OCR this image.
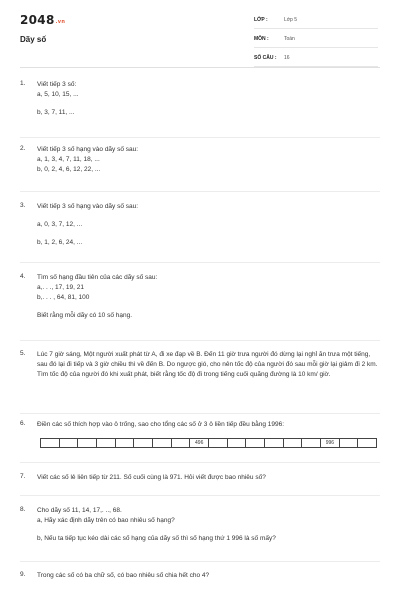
2048.vn
Dãy số
LỚP :	Lớp 5
MÔN :	Toán
SỐ CÂU : 16
1. Viết tiếp 3 số:

a, 5, 10, 15, ...

b, 3, 7, 11, ...

2. Viết tiếp 3 số hạng vào dãy số sau:

a, 1, 3, 4, 7, 11, 18, ...

b, 0, 2, 4, 6, 12, 22, ...

3. Viết tiếp 3 số hạng vào dãy số sau:

a, 0, 3, 7, 12, ...

b, 1, 2, 6, 24, ...

4. Tìm số hạng đầu tiên của các dãy số sau:

a,. . ., 17, 19, 21

b,. . . , 64, 81, 100

Biết rằng mỗi dãy có 10 số hạng.

5. Lúc 7 giờ sáng, Một người xuất phát từ A, đi xe đạp về B. Đến 11 giờ trưa người đó dừng lại nghỉ ăn trưa một tiếng, sau đó lại đi tiếp và 3 giờ chiều thì về đến B. Do ngược gió, cho nên tốc độ của người đó sau mỗi giờ lại giảm đi 2 km. Tìm tốc độ của người đó khi xuất phát, biết rằng tốc độ đi trong tiếng cuối quãng đường là 10 km/ giờ.

6. Điền các số thích hợp vào ô trống, sao cho tổng các số ở 3 ô liền tiếp đều bằng 1996:

496	996
7. Viết các số lẻ liên tiếp từ 211. Số cuối cùng là 971. Hỏi viết được bao nhiêu số?

8. Cho dãy số 11, 14, 17,. .., 68.

a, Hãy xác định dãy trên có bao nhiêu số hạng?

b, Nếu ta tiếp tục kéo dài các số hạng của dãy số thì số hạng thứ 1 996 là số mấy?

9. Trong các số có ba chữ số, có bao nhiêu số chia hết cho 4?
